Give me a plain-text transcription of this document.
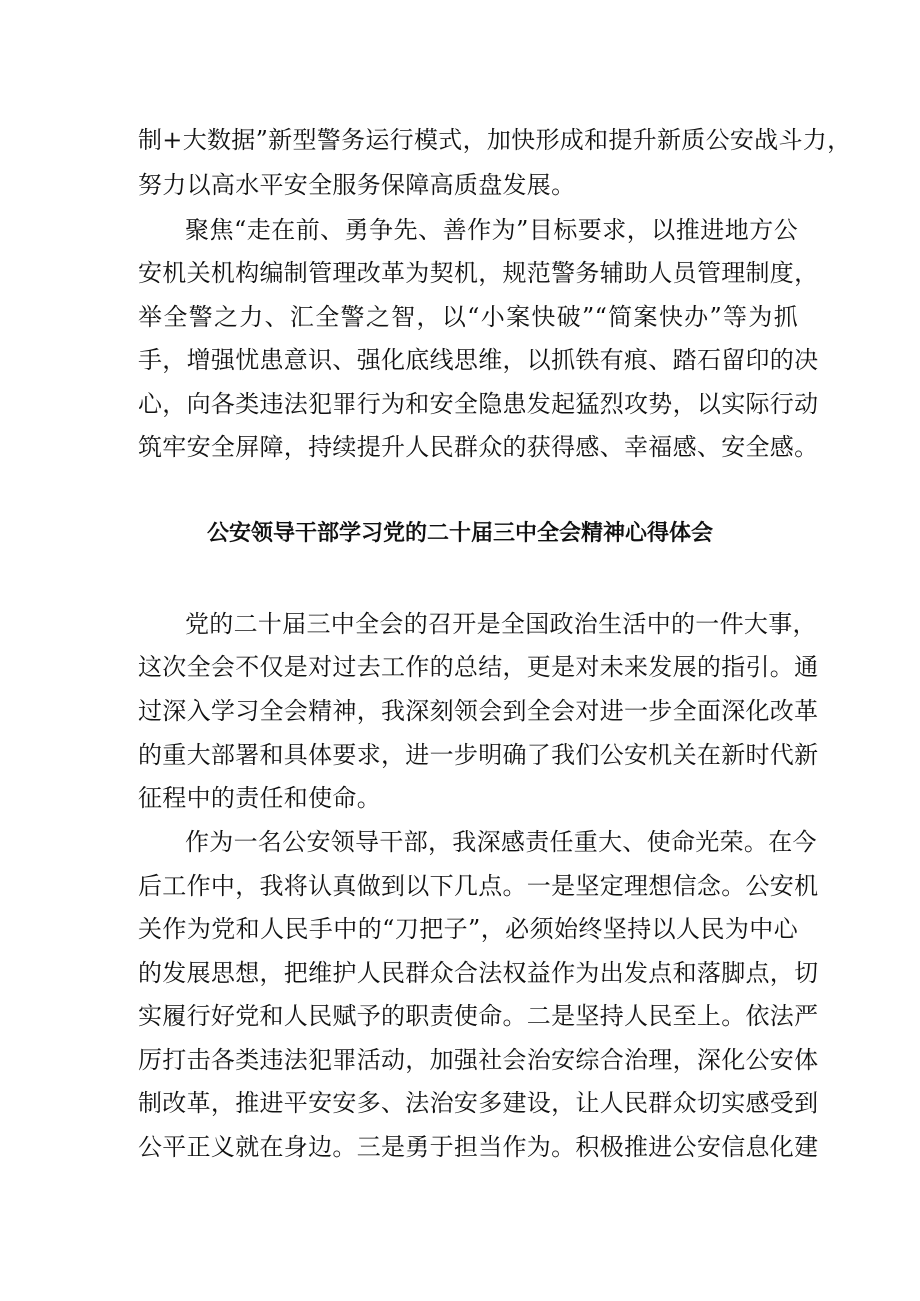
制+大数据”新型警务运行模式，加快形成和提升新质公安战斗力，
努力以高水平安全服务保障高质盘发展。
聚焦“走在前、勇争先、善作为”目标要求，以推进地方公
安机关机构编制管理改革为契机，规范警务辅助人员管理制度，
举全警之力、汇全警之智，以“小案快破”“简案快办”等为抓
手，增强忧患意识、强化底线思维，以抓铁有痕、踏石留印的决
心，向各类违法犯罪行为和安全隐患发起猛烈攻势，以实际行动
筑牢安全屏障，持续提升人民群众的获得感、幸福感、安全感。
公安领导干部学习党的二十届三中全会精神心得体会
党的二十届三中全会的召开是全国政治生活中的一件大事，
这次全会不仅是对过去工作的总结，更是对未来发展的指引。通
过深入学习全会精神，我深刻领会到全会对进一步全面深化改革
的重大部署和具体要求，进一步明确了我们公安机关在新时代新
征程中的责任和使命。
作为一名公安领导干部，我深感责任重大、使命光荣。在今
后工作中，我将认真做到以下几点。一是坚定理想信念。公安机
关作为党和人民手中的“刀把子”，必须始终坚持以人民为中心
的发展思想，把维护人民群众合法权益作为出发点和落脚点，切
实履行好党和人民赋予的职责使命。二是坚持人民至上。依法严
厉打击各类违法犯罪活动，加强社会治安综合治理，深化公安体
制改革，推进平安安多、法治安多建设，让人民群众切实感受到
公平正义就在身边。三是勇于担当作为。积极推进公安信息化建
